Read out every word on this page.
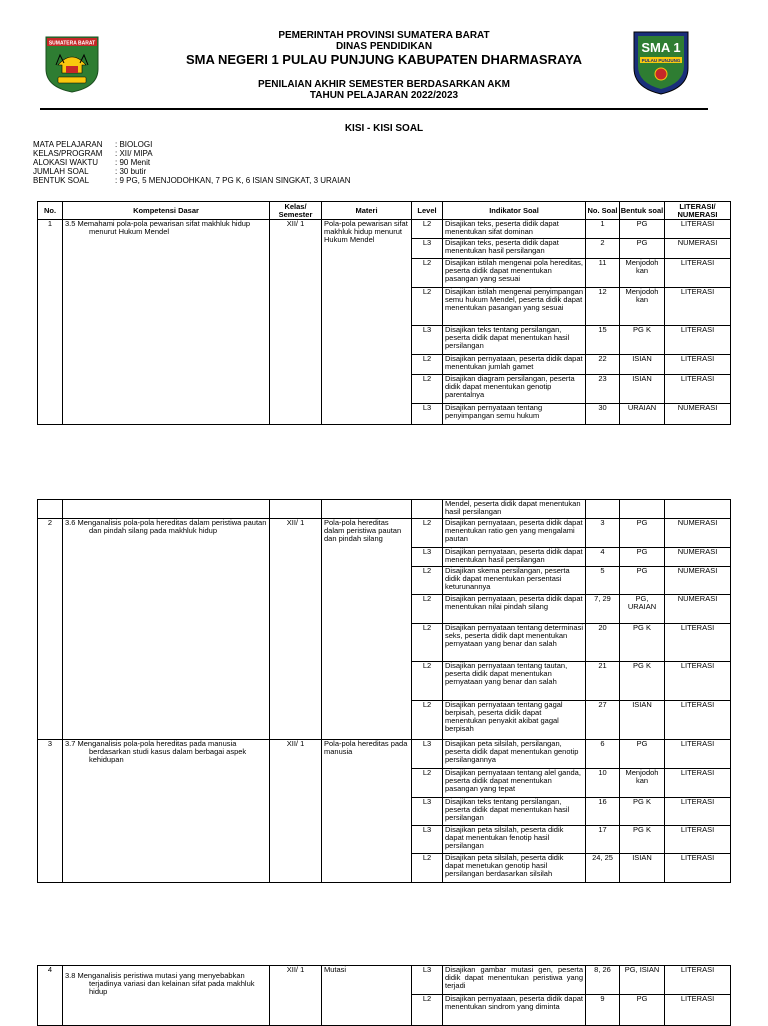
SUMATERA BARAT	SMA 1
PULAU PUNJUNG
PEMERINTAH PROVINSI SUMATERA BARAT
DINAS PENDIDIKAN
SMA NEGERI 1 PULAU PUNJUNG KABUPATEN DHARMASRAYA
PENILAIAN AKHIR SEMESTER BERDASARKAN AKM
TAHUN PELAJARAN 2022/2023
KISI - KISI SOAL
MATA PELAJARAN : BIOLOGI
KELAS/PROGRAM : XII/ MIPA
ALOKASI WAKTU : 90 Menit
JUMLAH SOAL	: 30 butir
BENTUK SOAL	: 9 PG, 5 MENJODOHKAN, 7 PG K, 6 ISIAN SINGKAT, 3 URAIAN
No.	Kompetensi Dasar	Kelas/ Semester	Materi	Level	Indikator Soal	No. Soal	Bentuk soal	LITERASI/ NUMERASI
1	3.5 Memahami pola-pola pewarisan sifat makhluk hidup menurut Hukum Mendel	XII/ 1	Pola-pola pewarisan sifat makhluk hidup menurut Hukum Mendel	L2	Disajikan teks, peserta didik dapat menentukan sifat dominan	1	PG	LITERASI
				L3	Disajikan teks, peserta didik dapat menentukan hasil persilangan	2	PG	NUMERASI
				L2	Disajikan istilah mengenai pola hereditas, peserta didik dapat menentukan pasangan yang sesuai	11	Menjodoh kan	LITERASI
				L2	Disajikan istilah mengenai penyimpangan semu hukum Mendel, peserta didik dapat menentukan pasangan yang sesuai	12	Menjodoh kan	LITERASI
				L3	Disajikan teks tentang persilangan, peserta didik dapat menentukan hasil persilangan	15	PG K	LITERASI
				L2	Disajikan pernyataan, peserta didik dapat menentukan jumlah gamet	22	ISIAN	LITERASI
				L2	Disajikan diagram persilangan, peserta didik dapat menentukan genotip parentalnya	23	ISIAN	LITERASI
				L3	Disajikan pernyataan tentang penyimpangan semu hukum	30	URAIAN	NUMERASI
					Mendel, peserta didik dapat menentukan hasil persilangan			
2	3.6 Menganalisis pola-pola hereditas dalam peristiwa pautan dan pindah silang pada makhluk hidup	XII/ 1	Pola-pola hereditas dalam peristiwa pautan dan pindah silang	L2	Disajikan pernyataan, peserta didik dapat menentukan ratio gen yang mengalami pautan	3	PG	NUMERASI
				L3	Disajikan pernyataan, peserta didik dapat menentukan hasil persilangan	4	PG	NUMERASI
				L2	Disajikan skema persilangan, peserta didik dapat menentukan persentasi keturunannya	5	PG	NUMERASI
				L2	Disajikan pernyataan, peserta didik dapat menentukan nilai pindah silang	7, 29	PG, URAIAN	NUMERASI
				L2	Disajikan pernyataan tentang determinasi seks, peserta didik dapt menentukan pernyataan yang benar dan salah	20	PG K	LITERASI
				L2	Disajikan pernyataan tentang tautan, peserta didik dapat menentukan pernyataan yang benar dan salah	21	PG K	LITERASI
				L2	Disajikan pernyataan tentang gagal berpisah, peserta didik dapat menentukan penyakit akibat gagal berpisah	27	ISIAN	LITERASI
3	3.7 Menganalisis pola-pola hereditas pada manusia berdasarkan studi kasus dalam berbagai aspek kehidupan	XII/ 1	Pola-pola hereditas pada manusia	L3	Disajikan peta silsilah, persilangan, peserta didik dapat menentukan genotip persilangannya	6	PG	LITERASI
				L2	Disajikan pernyataan tentang alel ganda, peserta didik dapat menentukan pasangan yang tepat	10	Menjodoh kan	LITERASI
				L3	Disajikan teks tentang persilangan, peserta didik dapat menentukan hasil persilangan	16	PG K	LITERASI
				L3	Disajikan peta silsilah, peserta didik dapat menentukan fenotip hasil persilangan	17	PG K	LITERASI
				L2	Disajikan peta silsilah, peserta didik dapat menetukan genotip hasil persilangan berdasarkan silsilah	24, 25	ISIAN	LITERASI
4	3.8 Menganalisis peristiwa mutasi yang menyebabkan terjadinya variasi dan kelainan sifat pada makhluk hidup	XII/ 1	Mutasi	L3	Disajikan gambar mutasi gen, peserta didik dapat menentukan peristiwa yang terjadi	8, 26	PG, ISIAN	LITERASI
				L2	Disajikan pernyataan, peserta didik dapat menentukan sindrom yang diminta	9	PG	LITERASI
